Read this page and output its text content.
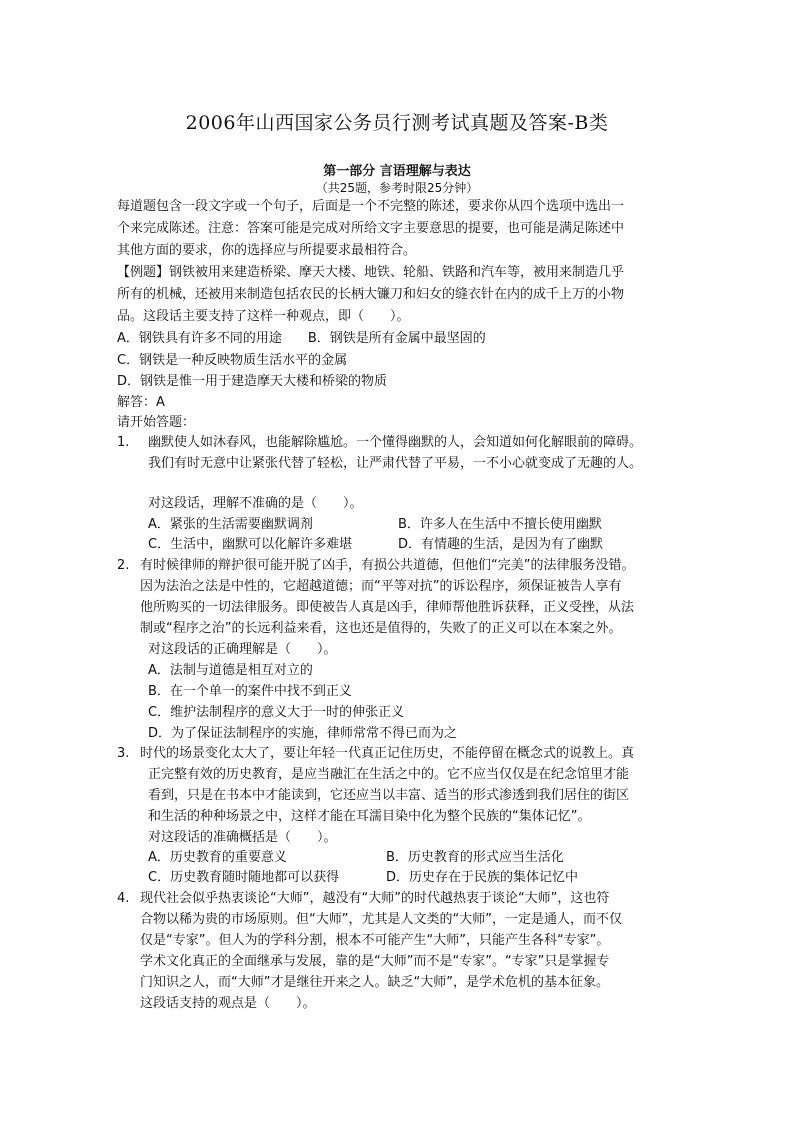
2006年山西国家公务员行测考试真题及答案-B类
第一部分 言语理解与表达
（共25题，参考时限25分钟）
每道题包含一段文字或一个句子，后面是一个不完整的陈述，要求你从四个选项中选出一
个来完成陈述。注意：答案可能是完成对所给文字主要意思的提要，也可能是满足陈述中
其他方面的要求，你的选择应与所提要求最相符合。
【例题】钢铁被用来建造桥梁、摩天大楼、地铁、轮船、铁路和汽车等，被用来制造几乎
所有的机械，还被用来制造包括农民的长柄大镰刀和妇女的缝衣针在内的成千上万的小物
品。这段话主要支持了这样一种观点，即（　　）。
A．钢铁具有许多不同的用途　　B．钢铁是所有金属中最坚固的
C．钢铁是一种反映物质生活水平的金属
D．钢铁是惟一用于建造摩天大楼和桥梁的物质
解答：A
请开始答题：
1. 幽默使人如沐春风，也能解除尴尬。一个懂得幽默的人，会知道如何化解眼前的障碍。
我们有时无意中让紧张代替了轻松，让严肃代替了平易，一不小心就变成了无趣的人。
对这段话，理解不准确的是（　　）。
A．紧张的生活需要幽默调剂	B．许多人在生活中不擅长使用幽默
C．生活中，幽默可以化解许多难堪	D．有情趣的生活，是因为有了幽默
2. 有时候律师的辩护很可能开脱了凶手，有损公共道德，但他们“完美”的法律服务没错。
因为法治之法是中性的，它超越道德；而“平等对抗”的诉讼程序，须保证被告人享有
他所购买的一切法律服务。即使被告人真是凶手，律师帮他胜诉获释，正义受挫，从法
制或“程序之治”的长远利益来看，这也还是值得的，失败了的正义可以在本案之外。
对这段话的正确理解是（　　）。
A．法制与道德是相互对立的
B．在一个单一的案件中找不到正义
C．维护法制程序的意义大于一时的伸张正义
D．为了保证法制程序的实施，律师常常不得已而为之
3. 时代的场景变化太大了，要让年轻一代真正记住历史，不能停留在概念式的说教上。真
正完整有效的历史教育，是应当融汇在生活之中的。它不应当仅仅是在纪念馆里才能
看到，只是在书本中才能读到，它还应当以丰富、适当的形式渗透到我们居住的街区
和生活的种种场景之中，这样才能在耳濡目染中化为整个民族的“集体记忆”。
对这段话的准确概括是（　　）。
A．历史教育的重要意义	B．历史教育的形式应当生活化
C．历史教育随时随地都可以获得	D．历史存在于民族的集体记忆中
4. 现代社会似乎热衷谈论“大师”，越没有“大师”的时代越热衷于谈论“大师”，这也符
合物以稀为贵的市场原则。但“大师”，尤其是人文类的“大师”，一定是通人，而不仅
仅是“专家”。但人为的学科分割，根本不可能产生“大师”，只能产生各科“专家”。
学术文化真正的全面继承与发展，靠的是“大师”而不是“专家”。“专家”只是掌握专
门知识之人，而“大师”才是继往开来之人。缺乏“大师”，是学术危机的基本征象。
这段话支持的观点是（　　）。
